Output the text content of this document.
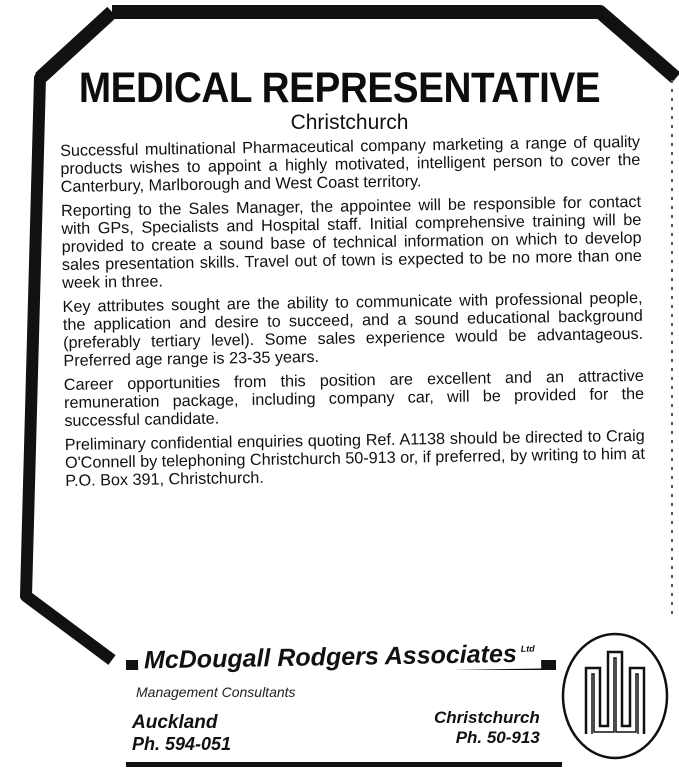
MEDICAL REPRESENTATIVE
Christchurch

Successful multinational Pharmaceutical company marketing a range of quality products wishes to appoint a highly motivated, intelligent person to cover the Canterbury, Marlborough and West Coast territory.

Reporting to the Sales Manager, the appointee will be responsible for contact with GPs, Specialists and Hospital staff. Initial comprehensive training will be provided to create a sound base of technical information on which to develop sales presentation skills. Travel out of town is expected to be no more than one week in three.

Key attributes sought are the ability to communicate with professional people, the application and desire to succeed, and a sound educational background (preferably tertiary level). Some sales experience would be advantageous. Preferred age range is 23-35 years.

Career opportunities from this position are excellent and an attractive remuneration package, including company car, will be provided for the successful candidate.

Preliminary confidential enquiries quoting Ref. A1138 should be directed to Craig O'Connell by telephoning Christchurch 50-913 or, if preferred, by writing to him at P.O. Box 391, Christchurch.

McDougall Rodgers Associates $^{Ltd}$
Management Consultants
Auckland
Ph. 594-051
Christchurch
Ph. 50-913
